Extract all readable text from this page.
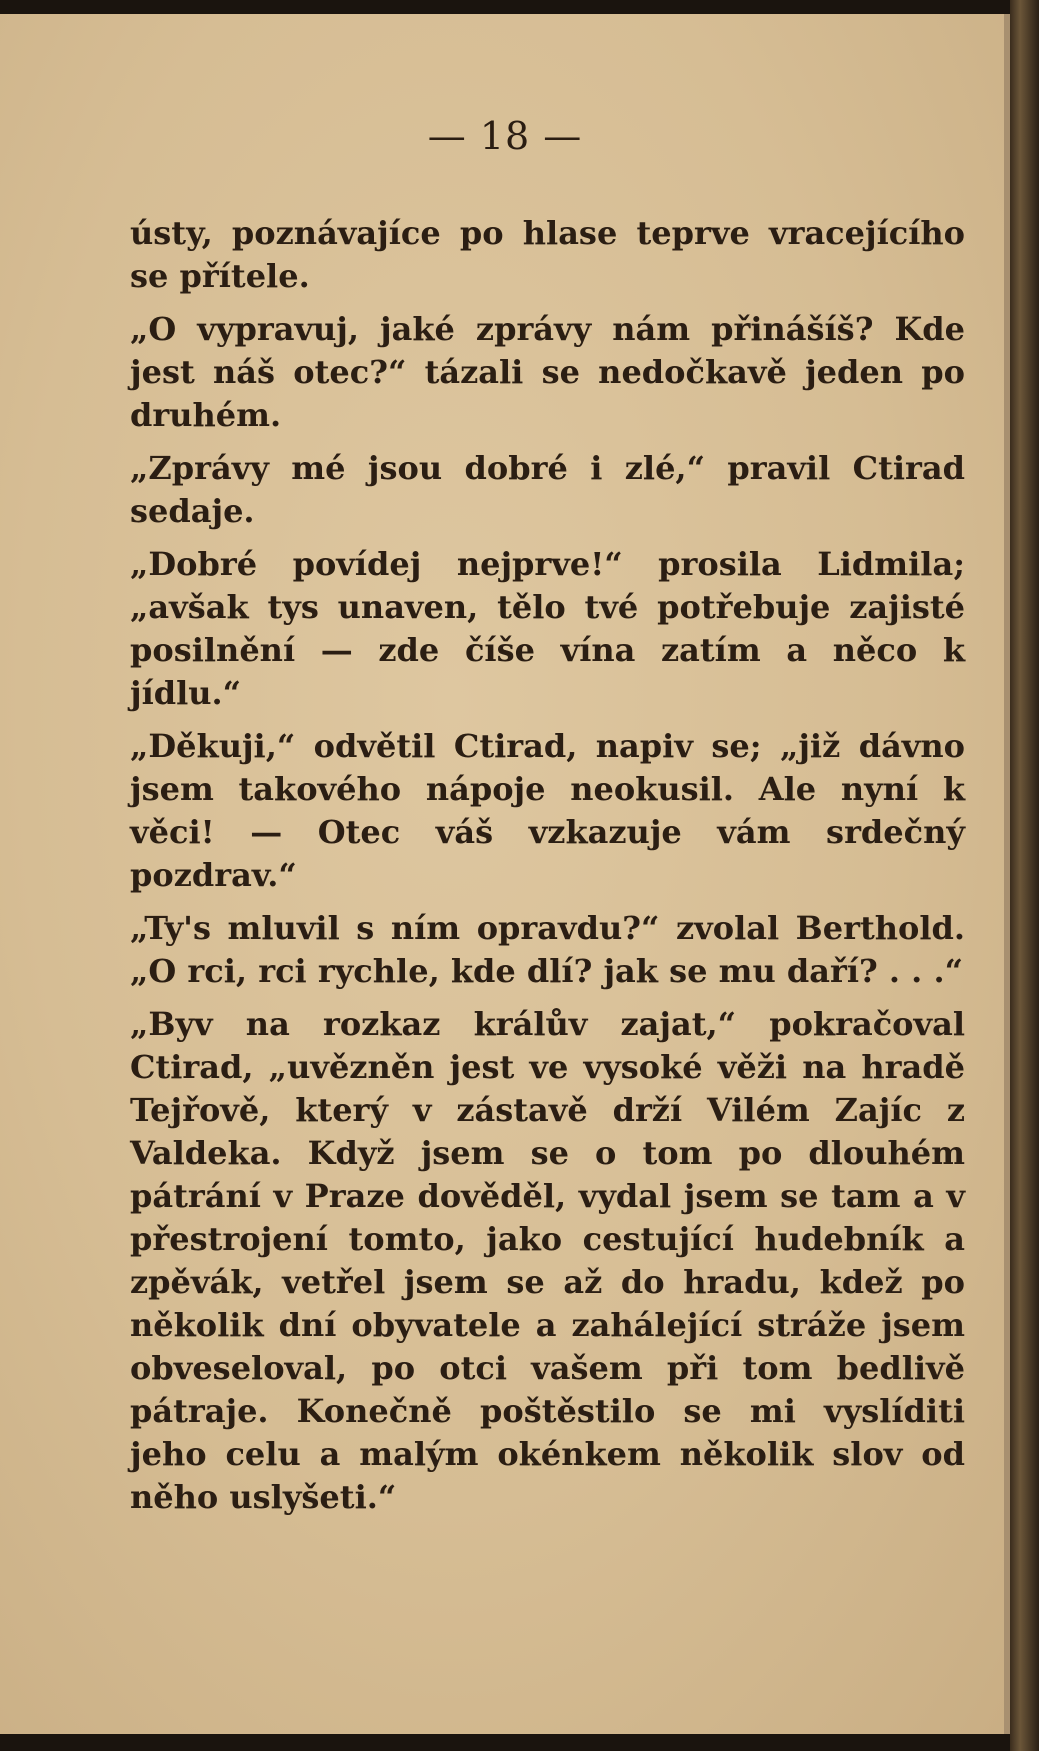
— 18 —

ústy, poznávajíce po hlase teprve vracejícího se přítele.

„O vypravuj, jaké zprávy nám přinášíš? Kde jest náš otec?“ tázali se nedočkavě jeden po druhém.

„Zprávy mé jsou dobré i zlé,“ pravil Ctirad sedaje.

„Dobré povídej nejprve!“ prosila Lidmila; „avšak tys unaven, tělo tvé potřebuje zajisté posilnění — zde číše vína zatím a něco k jídlu.“

„Děkuji,“ odvětil Ctirad, napiv se; „již dávno jsem takového nápoje neokusil. Ale nyní k věci! — Otec váš vzkazuje vám srdečný pozdrav.“

„Ty's mluvil s ním opravdu?“ zvolal Berthold. „O rci, rci rychle, kde dlí? jak se mu daří? . . .“

„Byv na rozkaz králův zajat,“ pokračoval Ctirad, „uvězněn jest ve vysoké věži na hradě Tejřově, který v zástavě drží Vilém Zajíc z Valdeka. Když jsem se o tom po dlouhém pátrání v Praze dověděl, vydal jsem se tam a v přestrojení tomto, jako cestující hudebník a zpěvák, vetřel jsem se až do hradu, kdež po několik dní obyvatele a zahálející stráže jsem obveseloval, po otci vašem při tom bedlivě pátraje. Konečně poštěstilo se mi vyslíditi jeho celu a malým okénkem několik slov od něho uslyšeti.“
